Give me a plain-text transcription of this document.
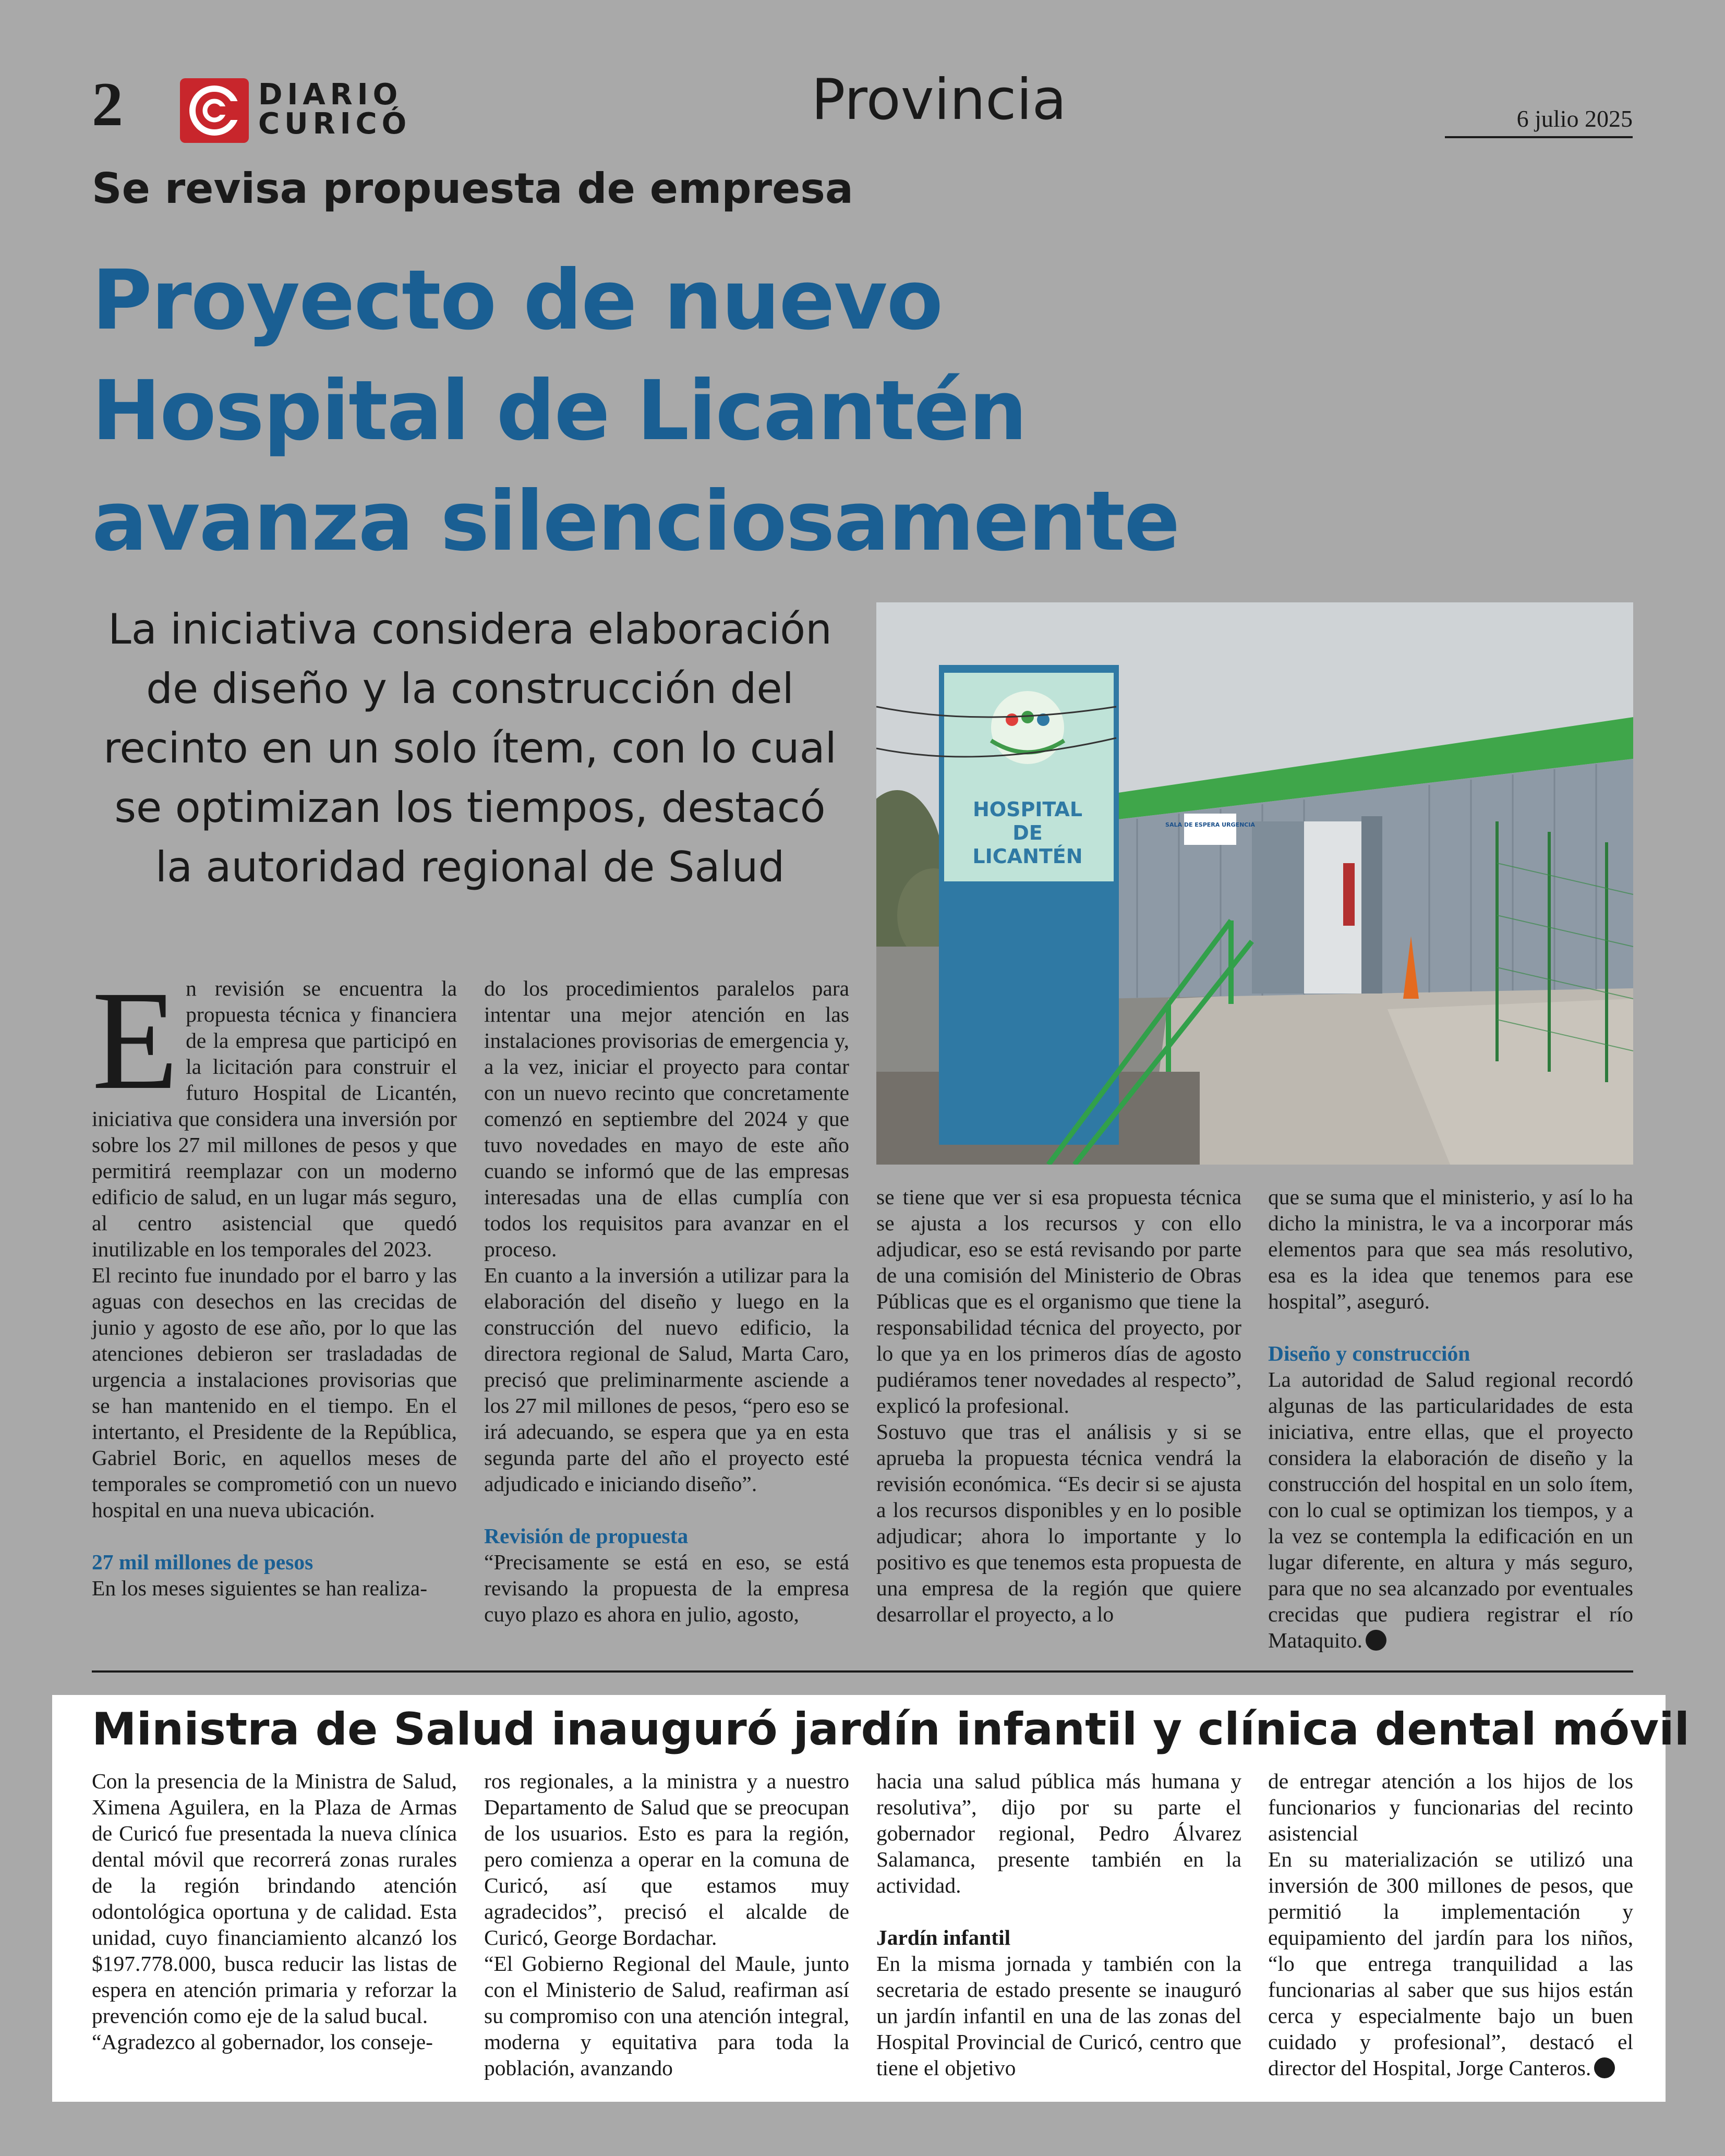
2	DIARIO
CURICÓ	Provincia	6 julio 2025
Se revisa propuesta de empresa
Proyecto de nuevo
Hospital de Licantén
avanza silenciosamente
La iniciativa considera elaboración de diseño y la construcción del recinto en un solo ítem, con lo cual se optimizan los tiempos, destacó la autoridad regional de Salud
SALA DE ESPERA URGENCIA
HOSPITAL
DE
LICANTÉN

En revisión se encuentra la propuesta técnica y financiera de la empresa que participó en la licitación para construir el futuro Hospital de Licantén, iniciativa que considera una inversión por sobre los 27 mil millones de pesos y que permitirá reemplazar con un moderno edificio de salud, en un lugar más seguro, al centro asistencial que quedó inutilizable en los temporales del 2023.

El recinto fue inundado por el barro y las aguas con desechos en las crecidas de junio y agosto de ese año, por lo que las atenciones debieron ser trasladadas de urgencia a instalaciones provisorias que se han mantenido en el tiempo. En el intertanto, el Presidente de la República, Gabriel Boric, en aquellos meses de temporales se comprometió con un nuevo hospital en una nueva ubicación.

27 mil millones de pesos

En los meses siguientes se han realiza-

do los procedimientos paralelos para intentar una mejor atención en las instalaciones provisorias de emergencia y, a la vez, iniciar el proyecto para contar con un nuevo recinto que concretamente comenzó en septiembre del 2024 y que tuvo novedades en mayo de este año cuando se informó que de las empresas interesadas una de ellas cumplía con todos los requisitos para avanzar en el proceso.

En cuanto a la inversión a utilizar para la elaboración del diseño y luego en la construcción del nuevo edificio, la directora regional de Salud, Marta Caro, precisó que preliminarmente asciende a los 27 mil millones de pesos, “pero eso se irá adecuando, se espera que ya en esta segunda parte del año el proyecto esté adjudicado e iniciando diseño”.

Revisión de propuesta

“Precisamente se está en eso, se está revisando la propuesta de la empresa cuyo plazo es ahora en julio, agosto,

se tiene que ver si esa propuesta técnica se ajusta a los recursos y con ello adjudicar, eso se está revisando por parte de una comisión del Ministerio de Obras Públicas que es el organismo que tiene la responsabilidad técnica del proyecto, por lo que ya en los primeros días de agosto pudiéramos tener novedades al respecto”, explicó la profesional.

Sostuvo que tras el análisis y si se aprueba la propuesta técnica vendrá la revisión económica. “Es decir si se ajusta a los recursos disponibles y en lo posible adjudicar; ahora lo importante y lo positivo es que tenemos esta propuesta de una empresa de la región que quiere desarrollar el proyecto, a lo

que se suma que el ministerio, y así lo ha dicho la ministra, le va a incorporar más elementos para que sea más resolutivo, esa es la idea que tenemos para ese hospital”, aseguró.

Diseño y construcción

La autoridad de Salud regional recordó algunas de las particularidades de esta iniciativa, entre ellas, que el proyecto considera la elaboración de diseño y la construcción del hospital en un solo ítem, con lo cual se optimizan los tiempos, y a la vez se contempla la edificación en un lugar diferente, en altura y más seguro, para que no sea alcanzado por eventuales crecidas que pudiera registrar el río Mataquito.

Ministra de Salud inauguró jardín infantil y clínica dental móvil

Con la presencia de la Ministra de Salud, Ximena Aguilera, en la Plaza de Armas de Curicó fue presentada la nueva clínica dental móvil que recorrerá zonas rurales de la región brindando atención odontológica oportuna y de calidad. Esta unidad, cuyo financiamiento alcanzó los $197.778.000, busca reducir las listas de espera en atención primaria y reforzar la prevención como eje de la salud bucal.

“Agradezco al gobernador, los conseje-

ros regionales, a la ministra y a nuestro Departamento de Salud que se preocupan de los usuarios. Esto es para la región, pero comienza a operar en la comuna de Curicó, así que estamos muy agradecidos”, precisó el alcalde de Curicó, George Bordachar.

“El Gobierno Regional del Maule, junto con el Ministerio de Salud, reafirman así su compromiso con una atención integral, moderna y equitativa para toda la población, avanzando

hacia una salud pública más humana y resolutiva”, dijo por su parte el gobernador regional, Pedro Álvarez Salamanca, presente también en la actividad.

Jardín infantil

En la misma jornada y también con la secretaria de estado presente se inauguró un jardín infantil en una de las zonas del Hospital Provincial de Curicó, centro que tiene el objetivo

de entregar atención a los hijos de los funcionarios y funcionarias del recinto asistencial

En su materialización se utilizó una inversión de 300 millones de pesos, que permitió la implementación y equipamiento del jardín para los niños, “lo que entrega tranquilidad a las funcionarias al saber que sus hijos están cerca y especialmente bajo un buen cuidado y profesional”, destacó el director del Hospital, Jorge Canteros.
